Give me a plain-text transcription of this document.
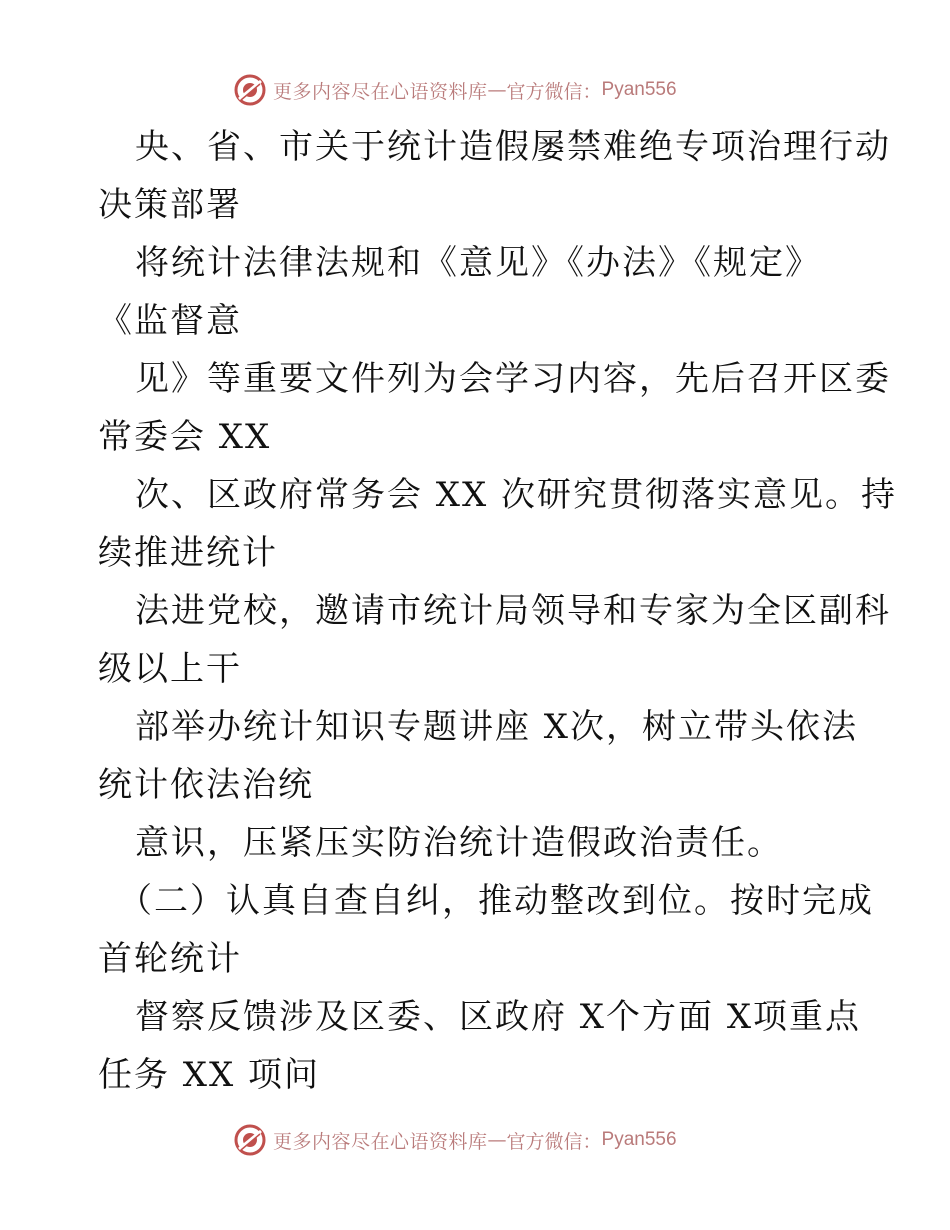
更多内容尽在心语资料库 — 官方微信： Pyan556
央、省、市关于统计造假屡禁难绝专项治理行动
决策部署
将统计法律法规和《意见》《办法》《规定》
《监督意
见》等重要文件列为会学习内容，先后召开区委
常委会 XX
次、区政府常务会 XX 次研究贯彻落实意见。持
续推进统计
法进党校，邀请市统计局领导和专家为全区副科
级以上干
部举办统计知识专题讲座 X次，树立带头依法
统计依法治统
意识，压紧压实防治统计造假政治责任。
（二）认真自查自纠，推动整改到位。按时完成
首轮统计
督察反馈涉及区委、区政府 X个方面 X项重点
任务 XX 项问
更多内容尽在心语资料库 — 官方微信： Pyan556
